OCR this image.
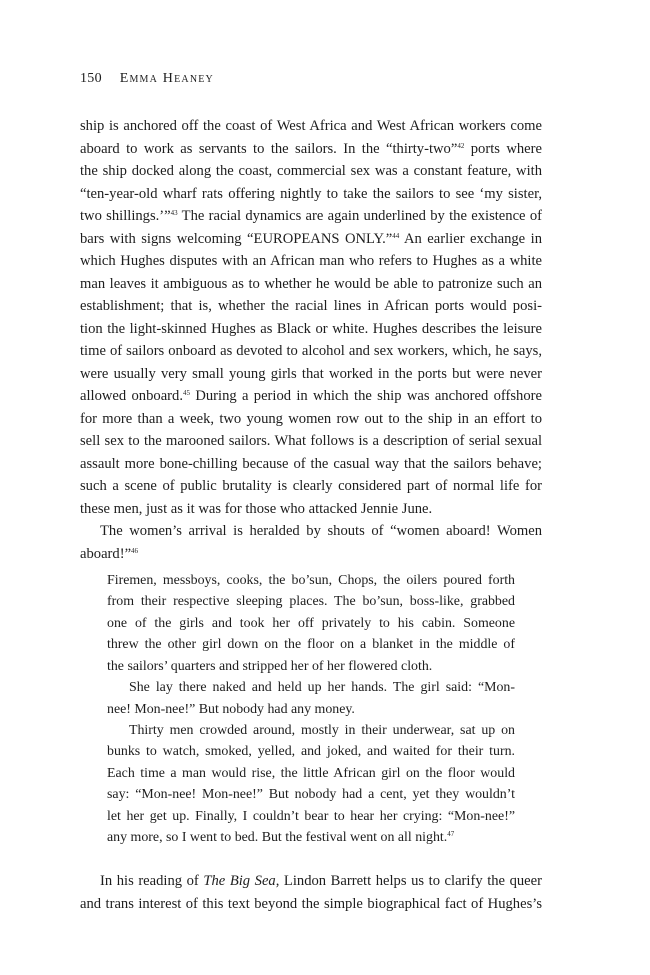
150 Emma Heaney
ship is anchored off the coast of West Africa and West African workers come
aboard to work as servants to the sailors. In the “thirty-two”$^{42}$ ports where
the ship docked along the coast, commercial sex was a constant feature, with
“ten-year-old wharf rats offering nightly to take the sailors to see ‘my sister,
two shillings.’”$^{43}$ The racial dynamics are again underlined by the existence of
bars with signs welcoming “EUROPEANS ONLY.”$^{44}$ An earlier exchange in
which Hughes disputes with an African man who refers to Hughes as a white
man leaves it ambiguous as to whether he would be able to patronize such an
establishment; that is, whether the racial lines in African ports would posi-
tion the light-skinned Hughes as Black or white. Hughes describes the leisure
time of sailors onboard as devoted to alcohol and sex workers, which, he says,
were usually very small young girls that worked in the ports but were never
allowed onboard.$^{45}$ During a period in which the ship was anchored offshore
for more than a week, two young women row out to the ship in an effort to
sell sex to the marooned sailors. What follows is a description of serial sexual
assault more bone-chilling because of the casual way that the sailors behave;
such a scene of public brutality is clearly considered part of normal life for
these men, just as it was for those who attacked Jennie June.
The women’s arrival is heralded by shouts of “women aboard! Women
aboard!”$^{46}$
Firemen, messboys, cooks, the bo’sun, Chops, the oilers poured forth
from their respective sleeping places. The bo’sun, boss-like, grabbed
one of the girls and took her off privately to his cabin. Someone
threw the other girl down on the floor on a blanket in the middle of
the sailors’ quarters and stripped her of her flowered cloth.
She lay there naked and held up her hands. The girl said: “Mon-
nee! Mon-nee!” But nobody had any money.
Thirty men crowded around, mostly in their underwear, sat up on
bunks to watch, smoked, yelled, and joked, and waited for their turn.
Each time a man would rise, the little African girl on the floor would
say: “Mon-nee! Mon-nee!” But nobody had a cent, yet they wouldn’t
let her get up. Finally, I couldn’t bear to hear her crying: “Mon-nee!”
any more, so I went to bed. But the festival went on all night.$^{47}$
In his reading of The Big Sea, Lindon Barrett helps us to clarify the queer
and trans interest of this text beyond the simple biographical fact of Hughes’s
